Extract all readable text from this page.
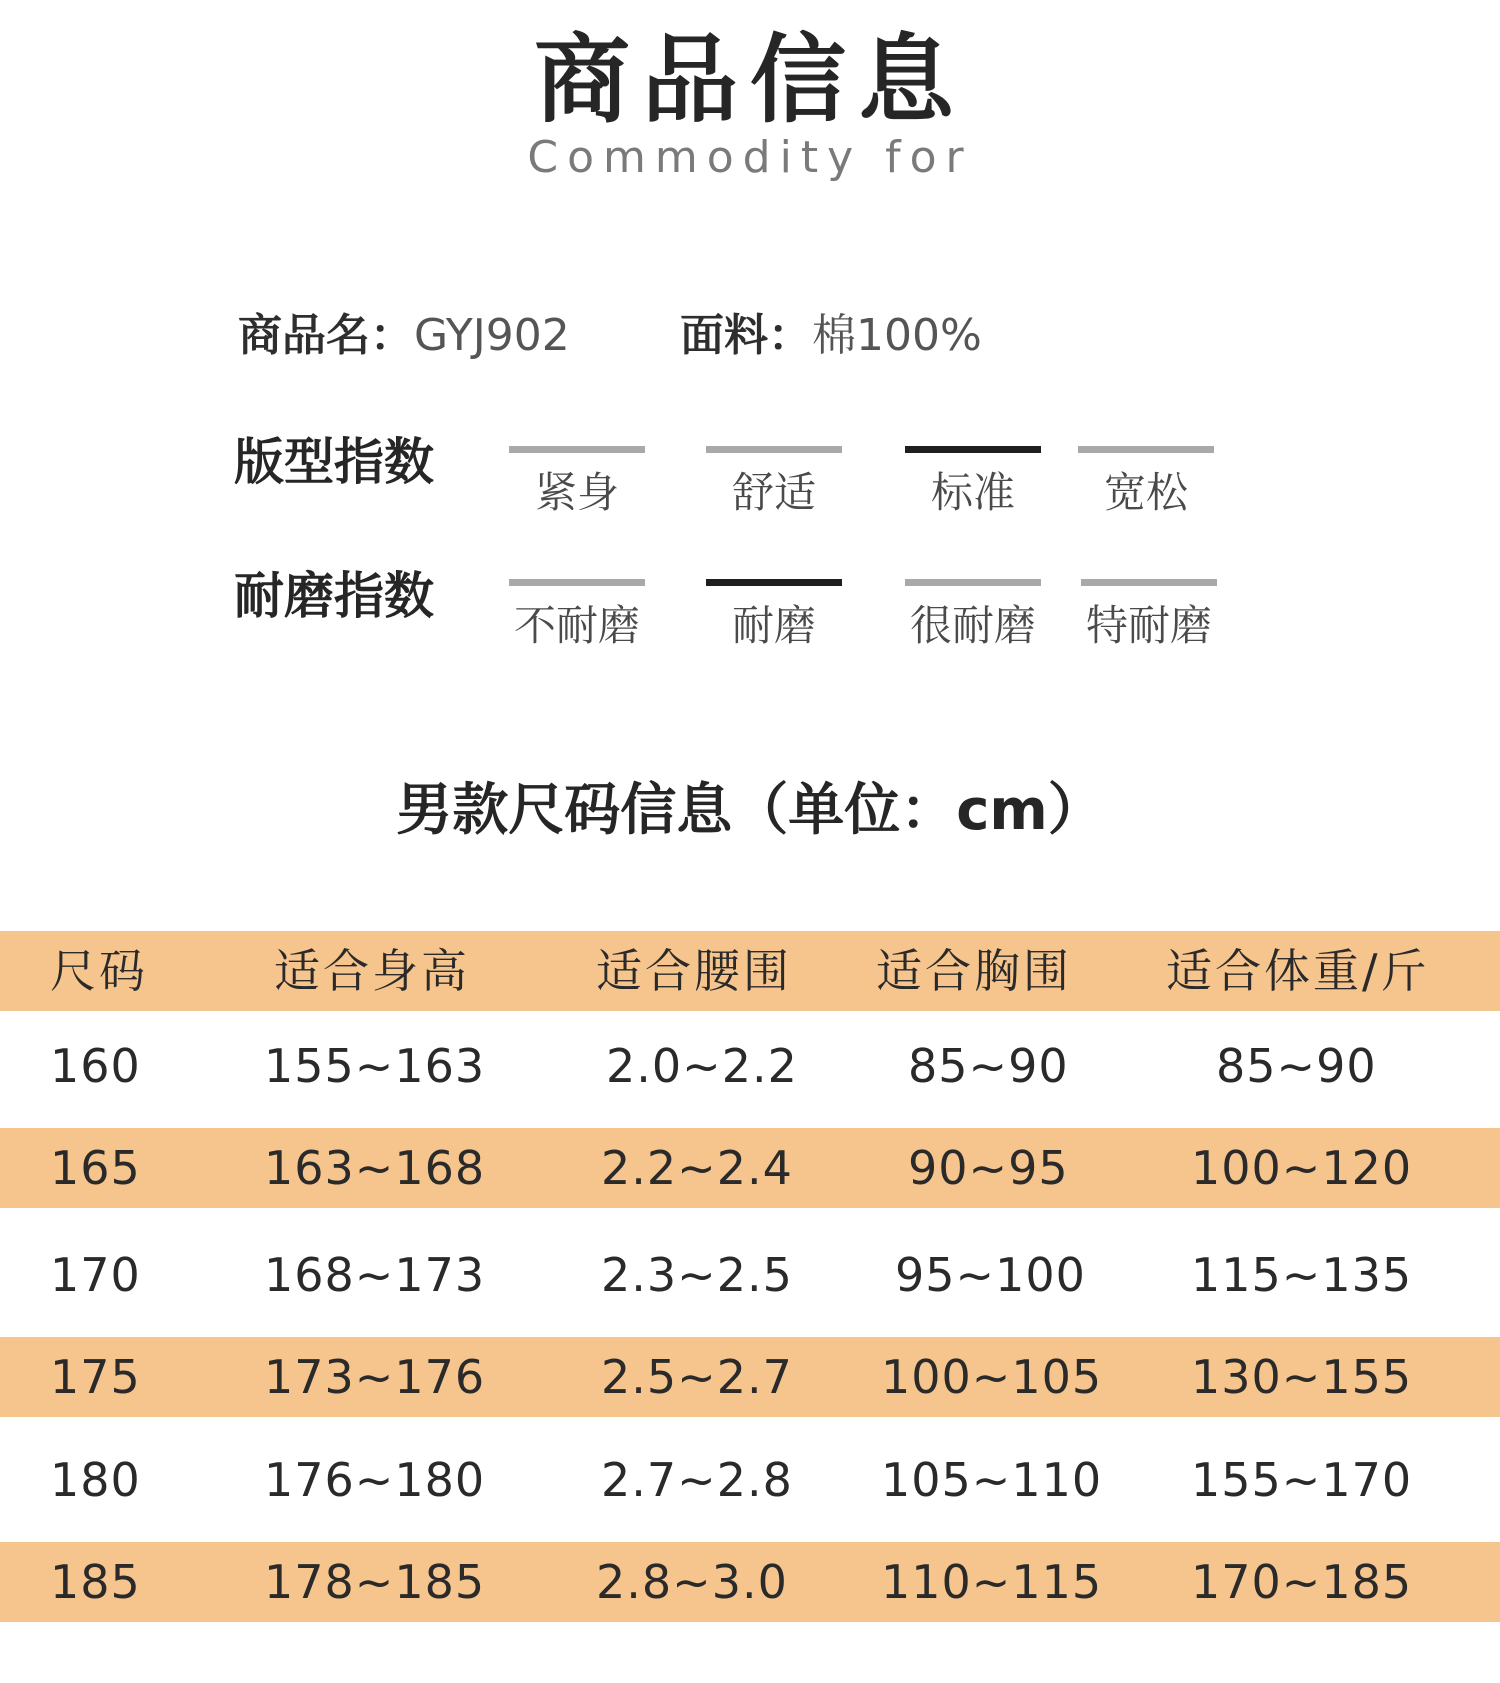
商品信息
Commodity for
商品名：GYJ902	面料：棉100%
版型指数
紧身	舒适	标准	宽松
耐磨指数
不耐磨	耐磨	很耐磨 特耐磨
男款尺码信息（单位：cm）
尺码	适合身高	适合腰围 适合胸围 适合体重/斤
160	155~163	2.0~2.2 85~90	85~90
165	163~168	2.2~2.4	90~95	100~120
170	168~173	2.3~2.5 95~100 115~135
175	173~176	2.5~2.7 100~105 130~155
180	176~180	2.7~2.8 105~110 155~170
185	178~185 2.8~3.0 110~115 170~185
